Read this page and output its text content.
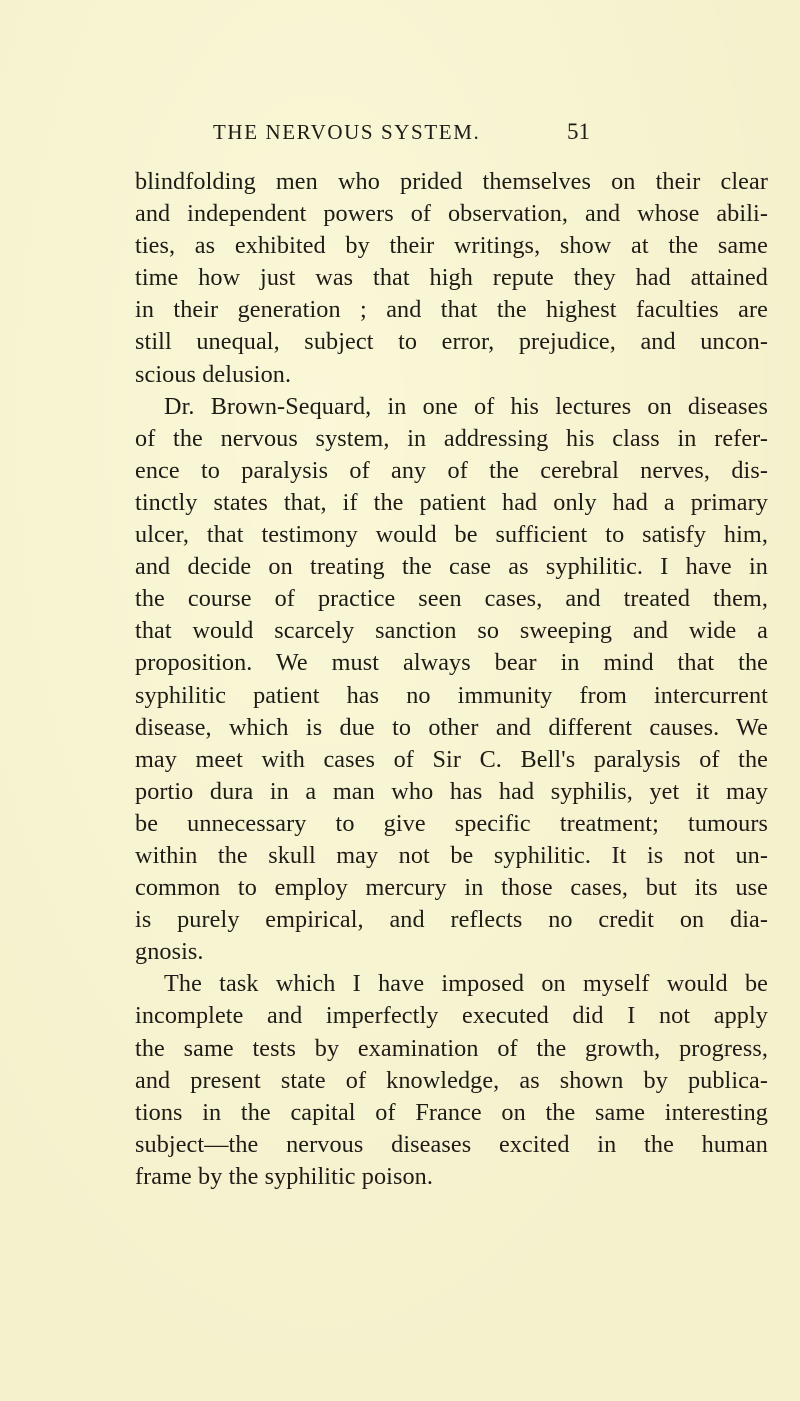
THE NERVOUS SYSTEM.	51
blindfolding men who prided themselves on their clear
and independent powers of observation, and whose abili-
ties, as exhibited by their writings, show at the same
time how just was that high repute they had attained
in their generation ; and that the highest faculties are
still unequal, subject to error, prejudice, and uncon-
scious delusion.
Dr. Brown-Sequard, in one of his lectures on diseases
of the nervous system, in addressing his class in refer-
ence to paralysis of any of the cerebral nerves, dis-
tinctly states that, if the patient had only had a primary
ulcer, that testimony would be sufficient to satisfy him,
and decide on treating the case as syphilitic. I have in
the course of practice seen cases, and treated them,
that would scarcely sanction so sweeping and wide a
proposition. We must always bear in mind that the
syphilitic patient has no immunity from intercurrent
disease, which is due to other and different causes. We
may meet with cases of Sir C. Bell's paralysis of the
portio dura in a man who has had syphilis, yet it may
be unnecessary to give specific treatment; tumours
within the skull may not be syphilitic. It is not un-
common to employ mercury in those cases, but its use
is purely empirical, and reflects no credit on dia-
gnosis.
The task which I have imposed on myself would be
incomplete and imperfectly executed did I not apply
the same tests by examination of the growth, progress,
and present state of knowledge, as shown by publica-
tions in the capital of France on the same interesting
subject—the nervous diseases excited in the human
frame by the syphilitic poison.
